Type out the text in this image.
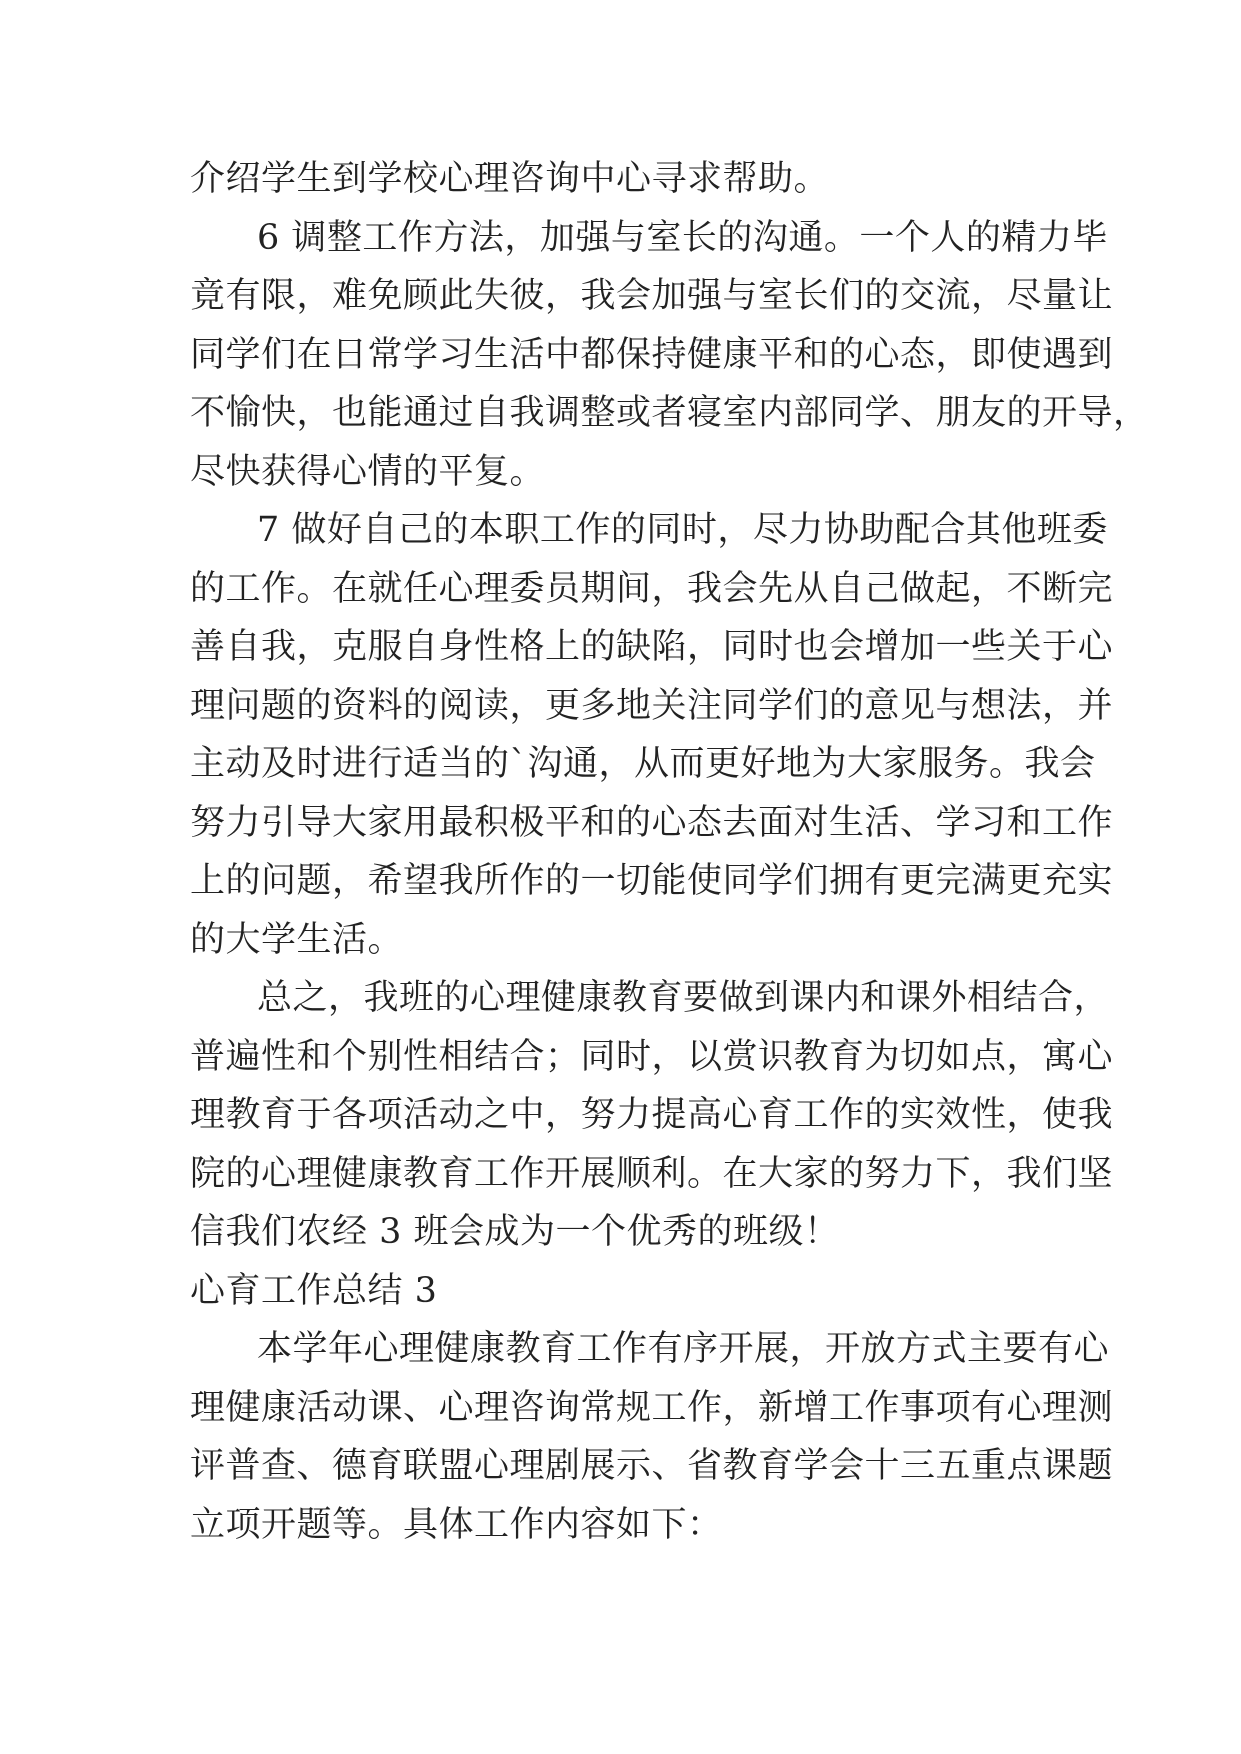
介绍学生到学校心理咨询中心寻求帮助。
6 调整工作方法，加强与室长的沟通。一个人的精力毕
竟有限，难免顾此失彼，我会加强与室长们的交流，尽量让
同学们在日常学习生活中都保持健康平和的心态，即使遇到
不愉快，也能通过自我调整或者寝室内部同学、朋友的开导，
尽快获得心情的平复。
7 做好自己的本职工作的同时，尽力协助配合其他班委
的工作。在就任心理委员期间，我会先从自己做起，不断完
善自我，克服自身性格上的缺陷，同时也会增加一些关于心
理问题的资料的阅读，更多地关注同学们的意见与想法，并
主动及时进行适当的`沟通，从而更好地为大家服务。我会
努力引导大家用最积极平和的心态去面对生活、学习和工作
上的问题，希望我所作的一切能使同学们拥有更完满更充实
的大学生活。
总之，我班的心理健康教育要做到课内和课外相结合，
普遍性和个别性相结合；同时，以赏识教育为切如点，寓心
理教育于各项活动之中，努力提高心育工作的实效性，使我
院的心理健康教育工作开展顺利。在大家的努力下，我们坚
信我们农经 3 班会成为一个优秀的班级！
心育工作总结 3
本学年心理健康教育工作有序开展，开放方式主要有心
理健康活动课、心理咨询常规工作，新增工作事项有心理测
评普查、德育联盟心理剧展示、省教育学会十三五重点课题
立项开题等。具体工作内容如下：
